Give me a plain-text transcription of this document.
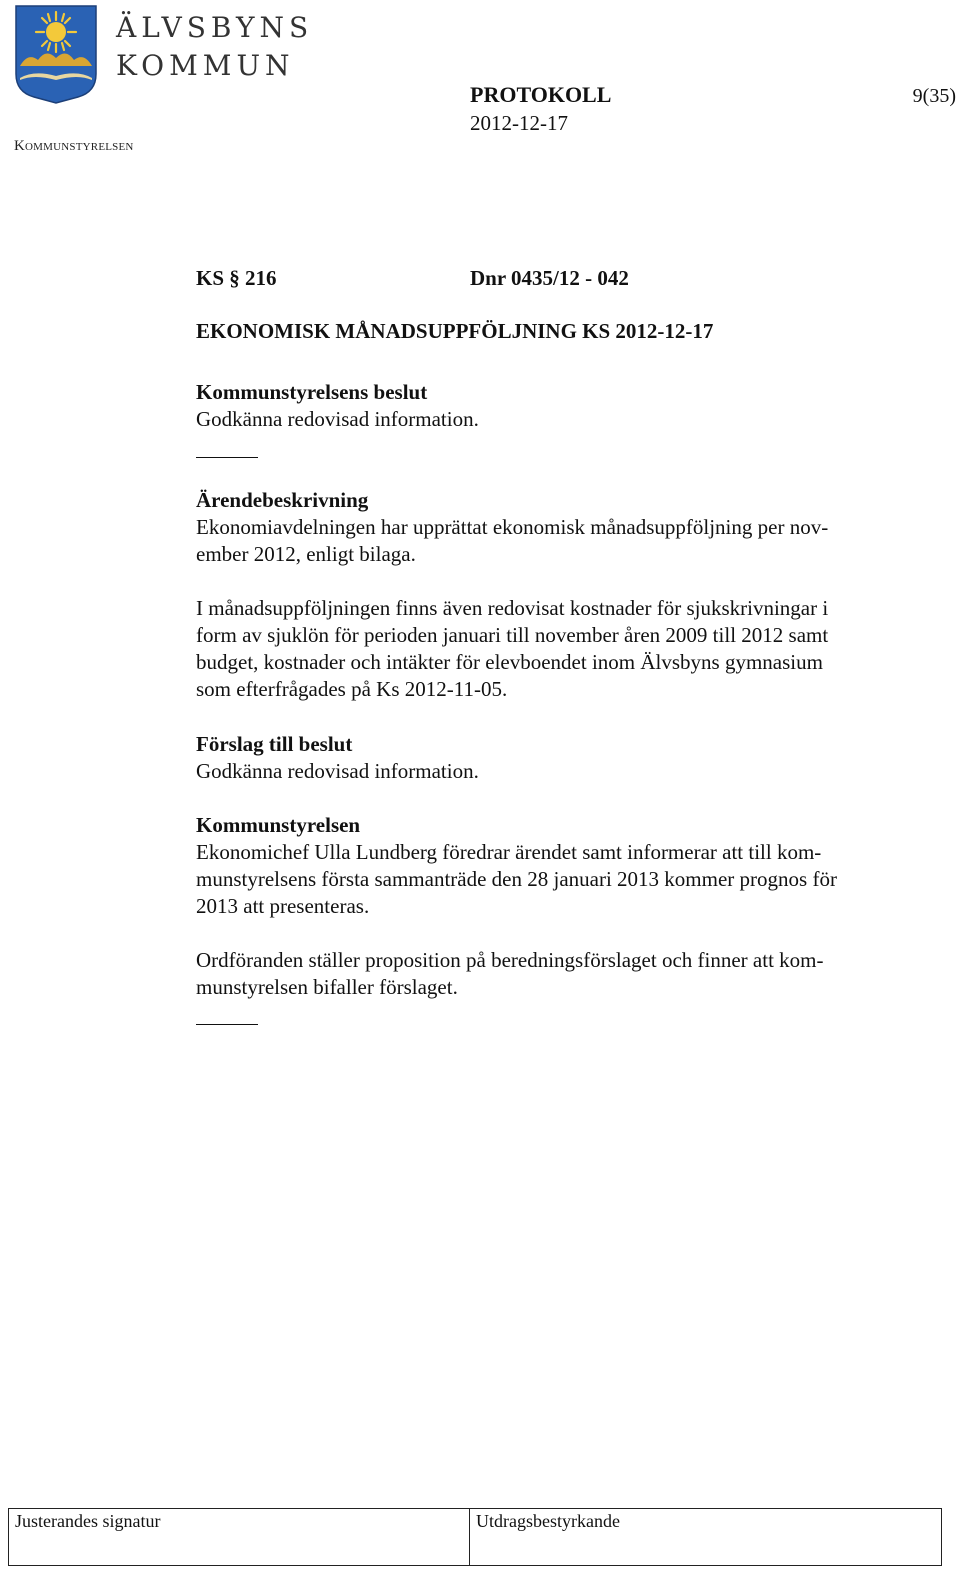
ÄLVSBYNS
KOMMUN
Kommunstyrelsen
PROTOKOLL
2012-12-17
9(35)
KS § 216	Dnr 0435/12 - 042
EKONOMISK MÅNADSUPPFÖLJNING KS 2012-12-17
Kommunstyrelsens beslut
Godkänna redovisad information.
Ärendebeskrivning
Ekonomiavdelningen har upprättat ekonomisk månadsuppföljning per nov-
ember 2012, enligt bilaga.
I månadsuppföljningen finns även redovisat kostnader för sjukskrivningar i
form av sjuklön för perioden januari till november åren 2009 till 2012 samt
budget, kostnader och intäkter för elevboendet inom Älvsbyns gymnasium
som efterfrågades på Ks 2012-11-05.
Förslag till beslut
Godkänna redovisad information.
Kommunstyrelsen
Ekonomichef Ulla Lundberg föredrar ärendet samt informerar att till kom-
munstyrelsens första sammanträde den 28 januari 2013 kommer prognos för
2013 att presenteras.
Ordföranden ställer proposition på beredningsförslaget och finner att kom-
munstyrelsen bifaller förslaget.
Justerandes signatur	Utdragsbestyrkande
